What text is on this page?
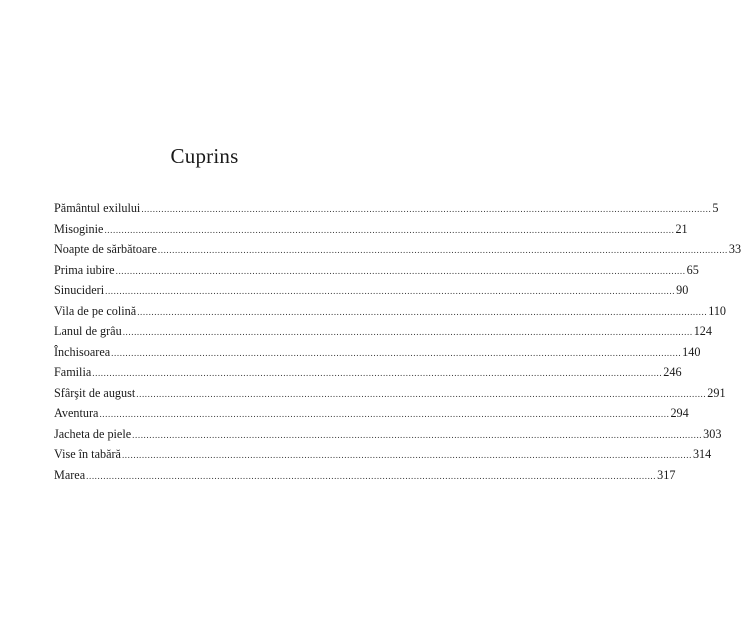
Cuprins
Pământul exilului ........................................................................................................................................................................................................ 5
Misoginie ........................................................................................................................................................................................................ 21
Noapte de sărbătoare ........................................................................................................................................................................................................ 33
Prima iubire ........................................................................................................................................................................................................ 65
Sinucideri ........................................................................................................................................................................................................ 90
Vila de pe colină ........................................................................................................................................................................................................ 110
Lanul de grâu ........................................................................................................................................................................................................ 124
Închisoarea ........................................................................................................................................................................................................ 140
Familia ........................................................................................................................................................................................................ 246
Sfârşit de august ........................................................................................................................................................................................................ 291
Aventura ........................................................................................................................................................................................................ 294
Jacheta de piele ........................................................................................................................................................................................................ 303
Vise în tabără ........................................................................................................................................................................................................ 314
Marea ........................................................................................................................................................................................................ 317
